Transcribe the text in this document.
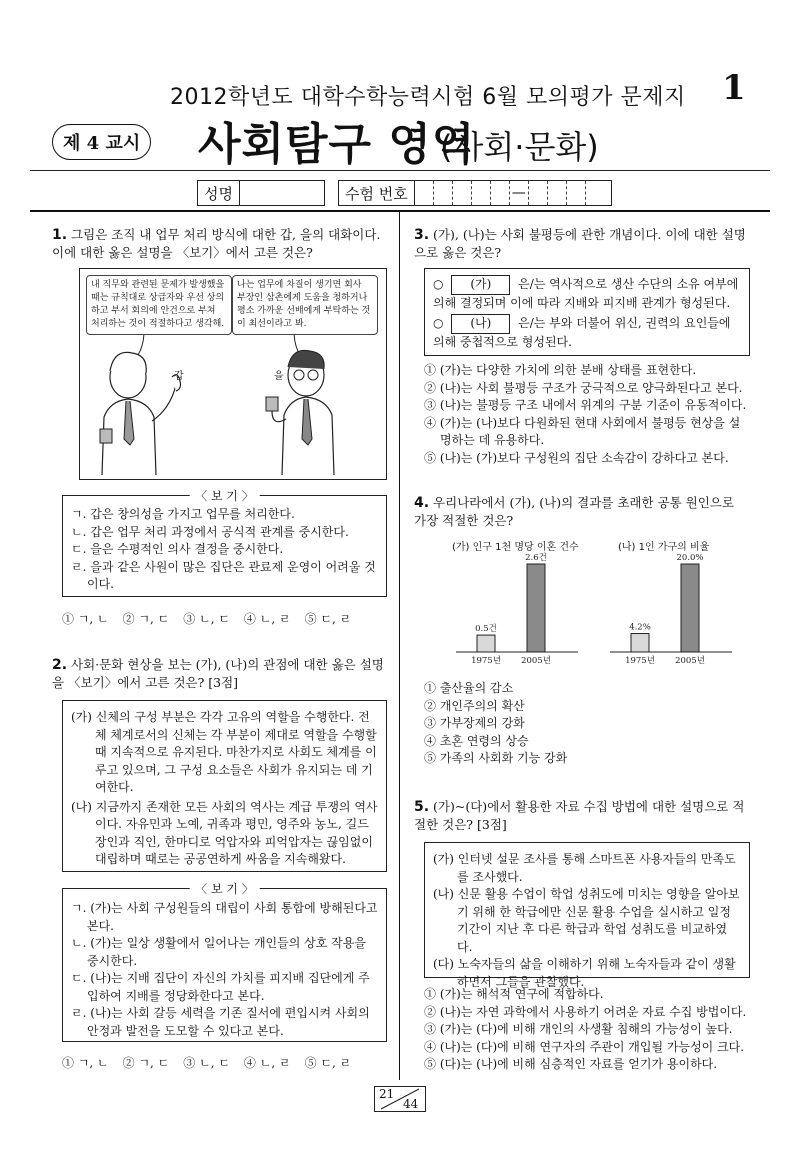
2012학년도 대학수학능력시험 6월 모의평가 문제지 1
제 4 교시 사회탐구 영역
(사회·문화)
성명	수험 번호	—
1. 그림은 조직 내 업무 처리 방식에 대한 갑, 을의 대화이다. 이에 대한 옳은 설명을 〈보기〉에서 고른 것은?
내 직무와 관련된 문제가 발생했을 때는 규칙대로 상급자와 우선 상의하고 부서 회의에 안건으로 부쳐 처리하는 것이 적절하다고 생각해.
나는 업무에 차질이 생기면 회사 부장인 삼촌에게 도움을 청하거나 평소 가까운 선배에게 부탁하는 것이 최선이라고 봐.
갑	을
〈 보 기 〉
ㄱ. 갑은 창의성을 가지고 업무를 처리한다.
ㄴ. 갑은 업무 처리 과정에서 공식적 관계를 중시한다.
ㄷ. 을은 수평적인 의사 결정을 중시한다.
ㄹ. 을과 같은 사원이 많은 집단은 관료제 운영이 어려울 것이다.
① ㄱ, ㄴ ② ㄱ, ㄷ ③ ㄴ, ㄷ ④ ㄴ, ㄹ ⑤ ㄷ, ㄹ
2. 사회·문화 현상을 보는 (가), (나)의 관점에 대한 옳은 설명을 〈보기〉에서 고른 것은? [3점]
(가) 신체의 구성 부분은 각각 고유의 역할을 수행한다. 전체 체계로서의 신체는 각 부분이 제대로 역할을 수행할 때 지속적으로 유지된다. 마찬가지로 사회도 체계를 이루고 있으며, 그 구성 요소들은 사회가 유지되는 데 기여한다.
(나) 지금까지 존재한 모든 사회의 역사는 계급 투쟁의 역사이다. 자유민과 노예, 귀족과 평민, 영주와 농노, 길드 장인과 직인, 한마디로 억압자와 피억압자는 끊임없이 대립하며 때로는 공공연하게 싸움을 지속해왔다.
〈 보 기 〉
ㄱ. (가)는 사회 구성원들의 대립이 사회 통합에 방해된다고 본다.
ㄴ. (가)는 일상 생활에서 일어나는 개인들의 상호 작용을 중시한다.
ㄷ. (나)는 지배 집단이 자신의 가치를 피지배 집단에게 주입하여 지배를 정당화한다고 본다.
ㄹ. (나)는 사회 갈등 세력을 기존 질서에 편입시켜 사회의 안정과 발전을 도모할 수 있다고 본다.
① ㄱ, ㄴ ② ㄱ, ㄷ ③ ㄴ, ㄷ ④ ㄴ, ㄹ ⑤ ㄷ, ㄹ
3. (가), (나)는 사회 불평등에 관한 개념이다. 이에 대한 설명으로 옳은 것은?
○ (가) 은/는 역사적으로 생산 수단의 소유 여부에 의해 결정되며 이에 따라 지배와 피지배 관계가 형성된다.
○ (나) 은/는 부와 더불어 위신, 권력의 요인들에 의해 중첩적으로 형성된다.
① (가)는 다양한 가치에 의한 분배 상태를 표현한다.
② (나)는 사회 불평등 구조가 궁극적으로 양극화된다고 본다.
③ (나)는 불평등 구조 내에서 위계의 구분 기준이 유동적이다.
④ (가)는 (나)보다 다원화된 현대 사회에서 불평등 현상을 설명하는 데 유용하다.
⑤ (나)는 (가)보다 구성원의 집단 소속감이 강하다고 본다.
4. 우리나라에서 (가), (나)의 결과를 초래한 공통 원인으로 가장 적절한 것은?
(가) 인구 1천 명당 이혼 건수	(나) 1인 가구의 비율
0.5건
1975년
2.6건
2005년
4.2%
1975년
20.0%
2005년
① 출산율의 감소
② 개인주의의 확산
③ 가부장제의 강화
④ 초혼 연령의 상승
⑤ 가족의 사회화 기능 강화
5. (가)~(다)에서 활용한 자료 수집 방법에 대한 설명으로 적절한 것은? [3점]
(가) 인터넷 설문 조사를 통해 스마트폰 사용자들의 만족도를 조사했다.
(나) 신문 활용 수업이 학업 성취도에 미치는 영향을 알아보기 위해 한 학급에만 신문 활용 수업을 실시하고 일정 기간이 지난 후 다른 학급과 학업 성취도를 비교하였다.
(다) 노숙자들의 삶을 이해하기 위해 노숙자들과 같이 생활하면서 그들을 관찰했다.
① (가)는 해석적 연구에 적합하다.
② (나)는 자연 과학에서 사용하기 어려운 자료 수집 방법이다.
③ (가)는 (다)에 비해 개인의 사생활 침해의 가능성이 높다.
④ (나)는 (다)에 비해 연구자의 주관이 개입될 가능성이 크다.
⑤ (다)는 (나)에 비해 심층적인 자료를 얻기가 용이하다.
21
44
